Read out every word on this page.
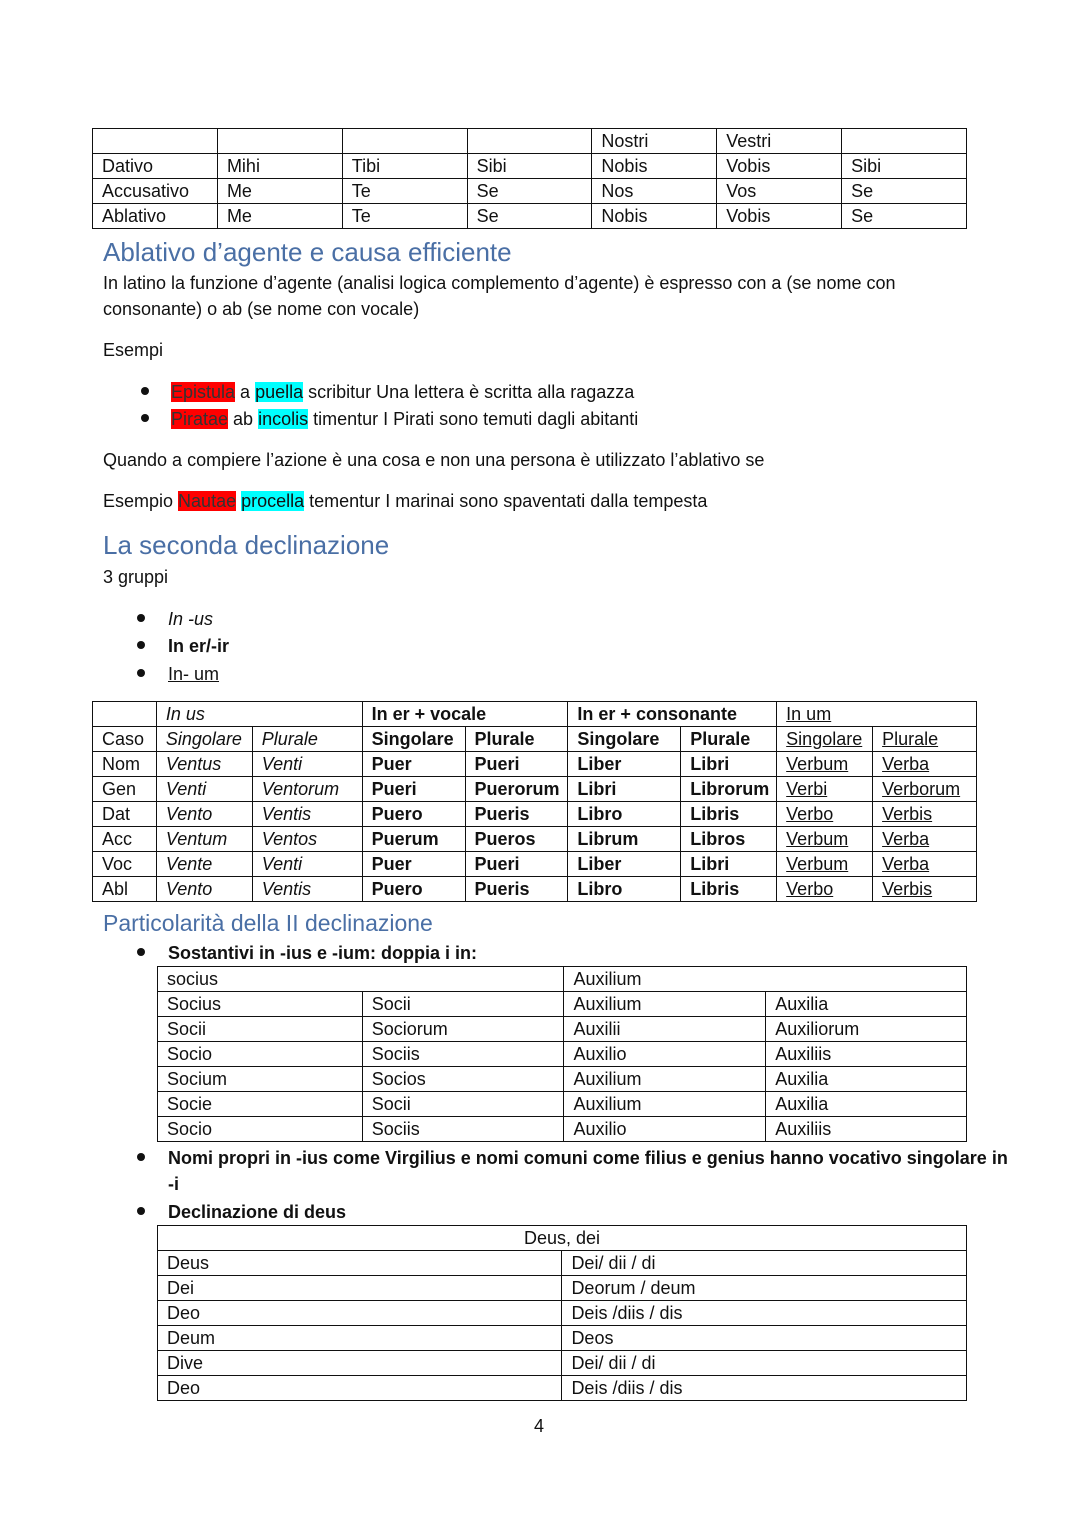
				Nostri	Vestri	
Dativo	Mihi	Tibi	Sibi	Nobis	Vobis	Sibi
Accusativo	Me	Te	Se	Nos	Vos	Se
Ablativo	Me	Te	Se	Nobis	Vobis	Se
Ablativo d’agente e causa efficiente

In latino la funzione d’agente (analisi logica complemento d’agente) è espresso con a (se nome con

consonante) o ab (se nome con vocale)

Esempi

Epistula a puella scribitur Una lettera è scritta alla ragazza
Piratae ab incolis timentur I Pirati sono temuti dagli abitanti

Quando a compiere l’azione è una cosa e non una persona è utilizzato l’ablativo se

Esempio Nautae procella tementur I marinai sono spaventati dalla tempesta
La seconda declinazione

3 gruppi

In -us
In er/-ir
In- um
	In us		In er + vocale		In er + consonante		In um	
Caso	Singolare	Plurale	Singolare	Plurale	Singolare	Plurale	Singolare	Plurale
Nom	Ventus	Venti	Puer	Pueri	Liber	Libri	Verbum	Verba
Gen	Venti	Ventorum	Pueri	Puerorum	Libri	Librorum	Verbi	Verborum
Dat	Vento	Ventis	Puero	Pueris	Libro	Libris	Verbo	Verbis
Acc	Ventum	Ventos	Puerum	Pueros	Librum	Libros	Verbum	Verba
Voc	Vente	Venti	Puer	Pueri	Liber	Libri	Verbum	Verba
Abl	Vento	Ventis	Puero	Pueris	Libro	Libris	Verbo	Verbis
Particolarità della II declinazione
Sostantivi in -ius e -ium: doppia i in:
socius		Auxilium	
Socius	Socii	Auxilium	Auxilia
Socii	Sociorum	Auxilii	Auxiliorum
Socio	Sociis	Auxilio	Auxiliis
Socium	Socios	Auxilium	Auxilia
Socie	Socii	Auxilium	Auxilia
Socio	Sociis	Auxilio	Auxiliis
Nomi propri in -ius come Virgilius e nomi comuni come filius e genius hanno vocativo singolare in
-i
Declinazione di deus
Deus, dei	
Deus	Dei/ dii / di
Dei	Deorum / deum
Deo	Deis /diis / dis
Deum	Deos
Dive	Dei/ dii / di
Deo	Deis /diis / dis
4
